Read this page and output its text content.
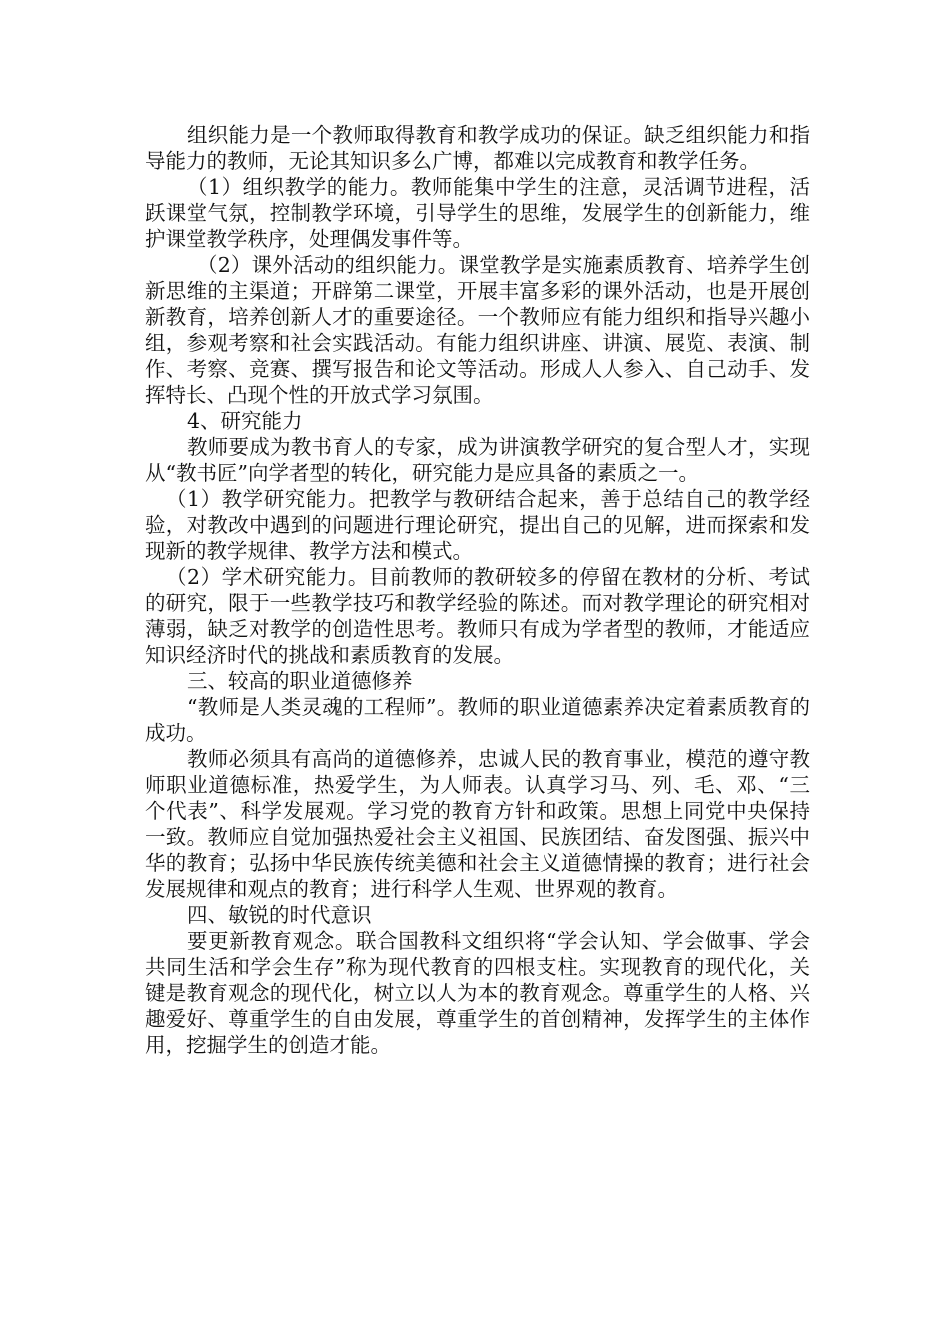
组织能力是一个教师取得教育和教学成功的保证。缺乏组织能力和指导能力的教师，无论其知识多么广博，都难以完成教育和教学任务。

（1）组织教学的能力。教师能集中学生的注意，灵活调节进程，活跃课堂气氛，控制教学环境，引导学生的思维，发展学生的创新能力，维护课堂教学秩序，处理偶发事件等。

（2）课外活动的组织能力。课堂教学是实施素质教育、培养学生创新思维的主渠道；开辟第二课堂，开展丰富多彩的课外活动，也是开展创新教育，培养创新人才的重要途径。一个教师应有能力组织和指导兴趣小组，参观考察和社会实践活动。有能力组织讲座、讲演、展览、表演、制作、考察、竞赛、撰写报告和论文等活动。形成人人参入、自己动手、发挥特长、凸现个性的开放式学习氛围。

4、研究能力

教师要成为教书育人的专家，成为讲演教学研究的复合型人才，实现从“教书匠”向学者型的转化，研究能力是应具备的素质之一。

（1）教学研究能力。把教学与教研结合起来，善于总结自己的教学经验，对教改中遇到的问题进行理论研究，提出自己的见解，进而探索和发现新的教学规律、教学方法和模式。

（2）学术研究能力。目前教师的教研较多的停留在教材的分析、考试的研究，限于一些教学技巧和教学经验的陈述。而对教学理论的研究相对薄弱，缺乏对教学的创造性思考。教师只有成为学者型的教师，才能适应知识经济时代的挑战和素质教育的发展。

三、较高的职业道德修养

“教师是人类灵魂的工程师”。教师的职业道德素养决定着素质教育的成功。

教师必须具有高尚的道德修养，忠诚人民的教育事业，模范的遵守教师职业道德标准，热爱学生，为人师表。认真学习马、列、毛、邓、“三个代表”、科学发展观。学习党的教育方针和政策。思想上同党中央保持一致。教师应自觉加强热爱社会主义祖国、民族团结、奋发图强、振兴中华的教育；弘扬中华民族传统美德和社会主义道德情操的教育；进行社会发展规律和观点的教育；进行科学人生观、世界观的教育。

四、敏锐的时代意识

要更新教育观念。联合国教科文组织将“学会认知、学会做事、学会共同生活和学会生存”称为现代教育的四根支柱。实现教育的现代化，关键是教育观念的现代化，树立以人为本的教育观念。尊重学生的人格、兴趣爱好、尊重学生的自由发展，尊重学生的首创精神，发挥学生的主体作用，挖掘学生的创造才能。
